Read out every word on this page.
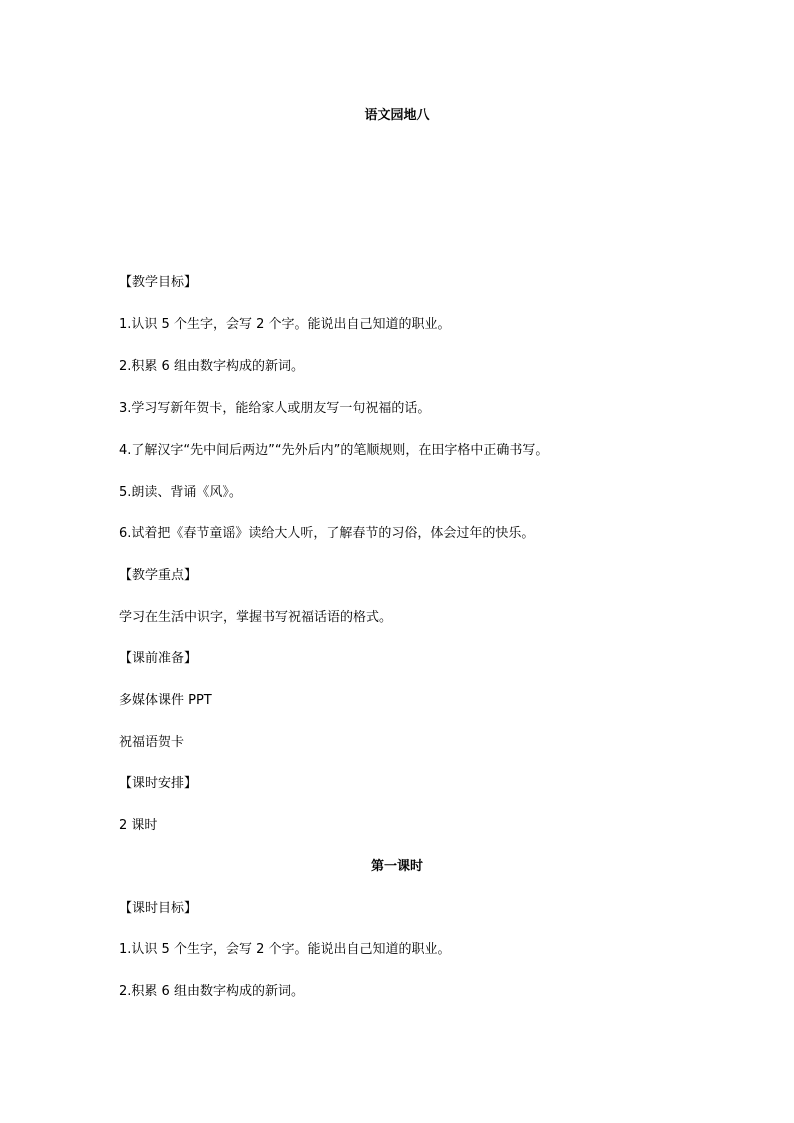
语文园地八
【教学目标】
1.认识 5 个生字，会写 2 个字。能说出自己知道的职业。
2.积累 6 组由数字构成的新词。
3.学习写新年贺卡，能给家人或朋友写一句祝福的话。
4.了解汉字“先中间后两边”“先外后内”的笔顺规则，在田字格中正确书写。
5.朗读、背诵《风》。
6.试着把《春节童谣》读给大人听，了解春节的习俗，体会过年的快乐。
【教学重点】
学习在生活中识字，掌握书写祝福话语的格式。
【课前准备】
多媒体课件 PPT
祝福语贺卡
【课时安排】
2 课时
第一课时
【课时目标】
1.认识 5 个生字，会写 2 个字。能说出自己知道的职业。
2.积累 6 组由数字构成的新词。
